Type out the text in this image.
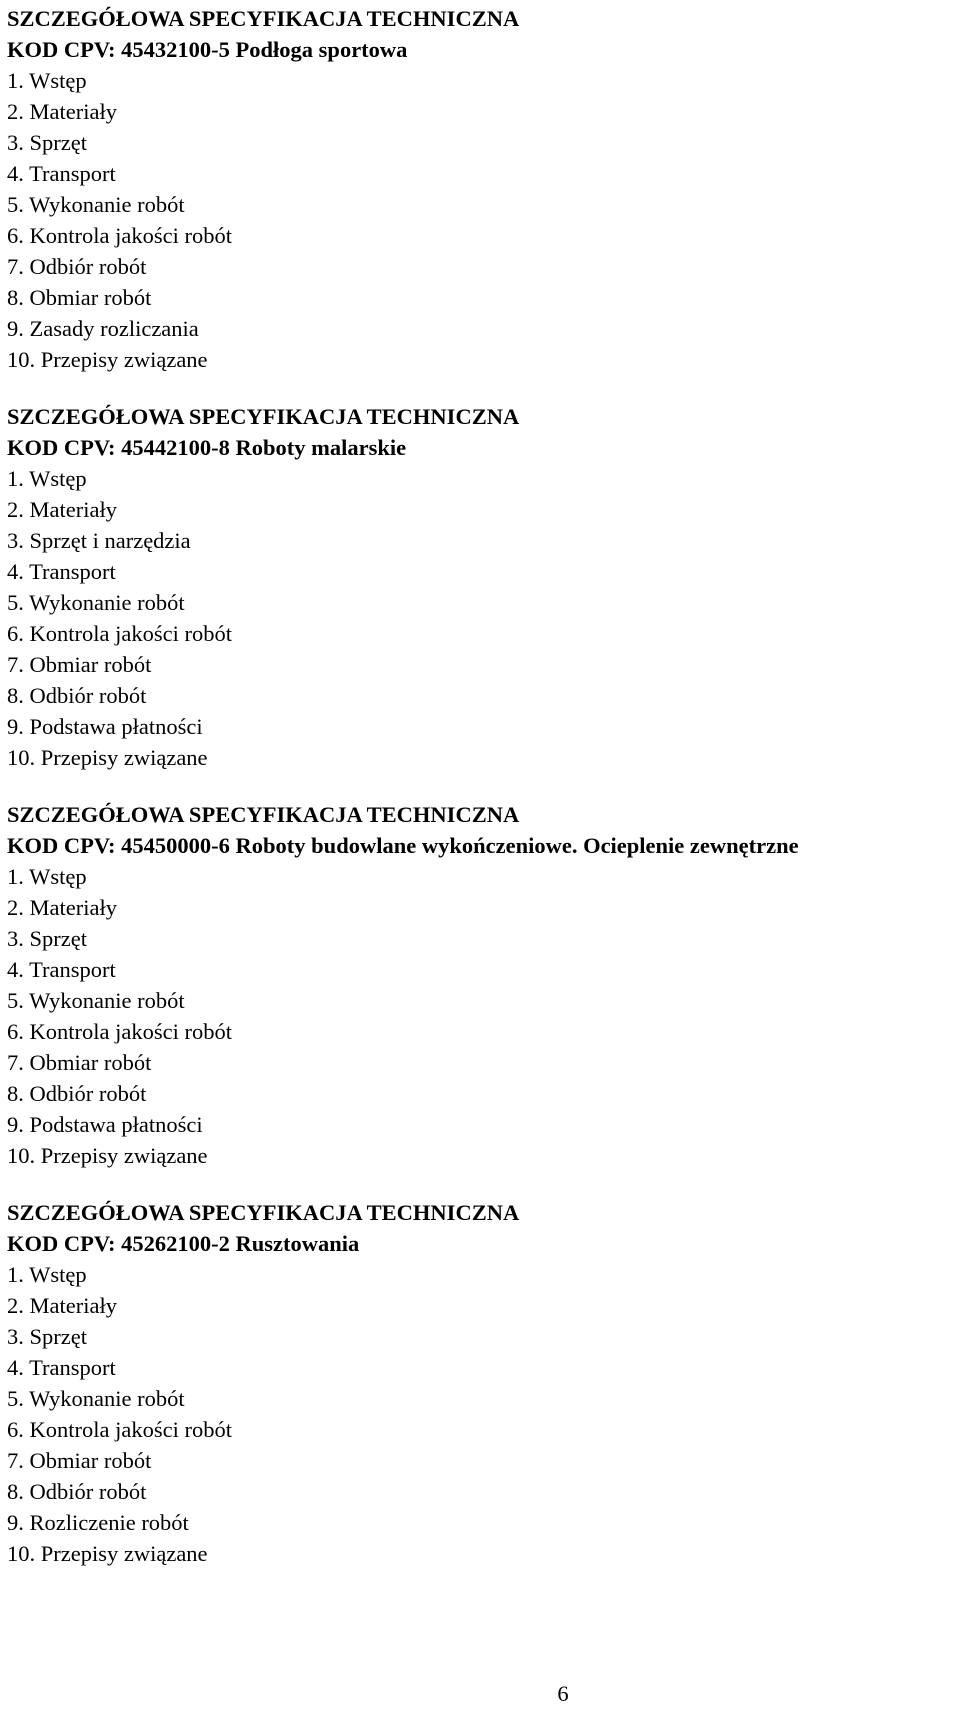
SZCZEGÓŁOWA SPECYFIKACJA TECHNICZNA

KOD CPV: 45432100-5 Podłoga sportowa

1. Wstęp

2. Materiały

3. Sprzęt

4. Transport

5. Wykonanie robót

6. Kontrola jakości robót

7. Odbiór robót

8. Obmiar robót

9. Zasady rozliczania

10. Przepisy związane

SZCZEGÓŁOWA SPECYFIKACJA TECHNICZNA

KOD CPV: 45442100-8 Roboty malarskie

1. Wstęp

2. Materiały

3. Sprzęt i narzędzia

4. Transport

5. Wykonanie robót

6. Kontrola jakości robót

7. Obmiar robót

8. Odbiór robót

9. Podstawa płatności

10. Przepisy związane

SZCZEGÓŁOWA SPECYFIKACJA TECHNICZNA

KOD CPV: 45450000-6 Roboty budowlane wykończeniowe. Ocieplenie zewnętrzne

1. Wstęp

2. Materiały

3. Sprzęt

4. Transport

5. Wykonanie robót

6. Kontrola jakości robót

7. Obmiar robót

8. Odbiór robót

9. Podstawa płatności

10. Przepisy związane

SZCZEGÓŁOWA SPECYFIKACJA TECHNICZNA

KOD CPV: 45262100-2 Rusztowania

1. Wstęp

2. Materiały

3. Sprzęt

4. Transport

5. Wykonanie robót

6. Kontrola jakości robót

7. Obmiar robót

8. Odbiór robót

9. Rozliczenie robót

10. Przepisy związane

6
